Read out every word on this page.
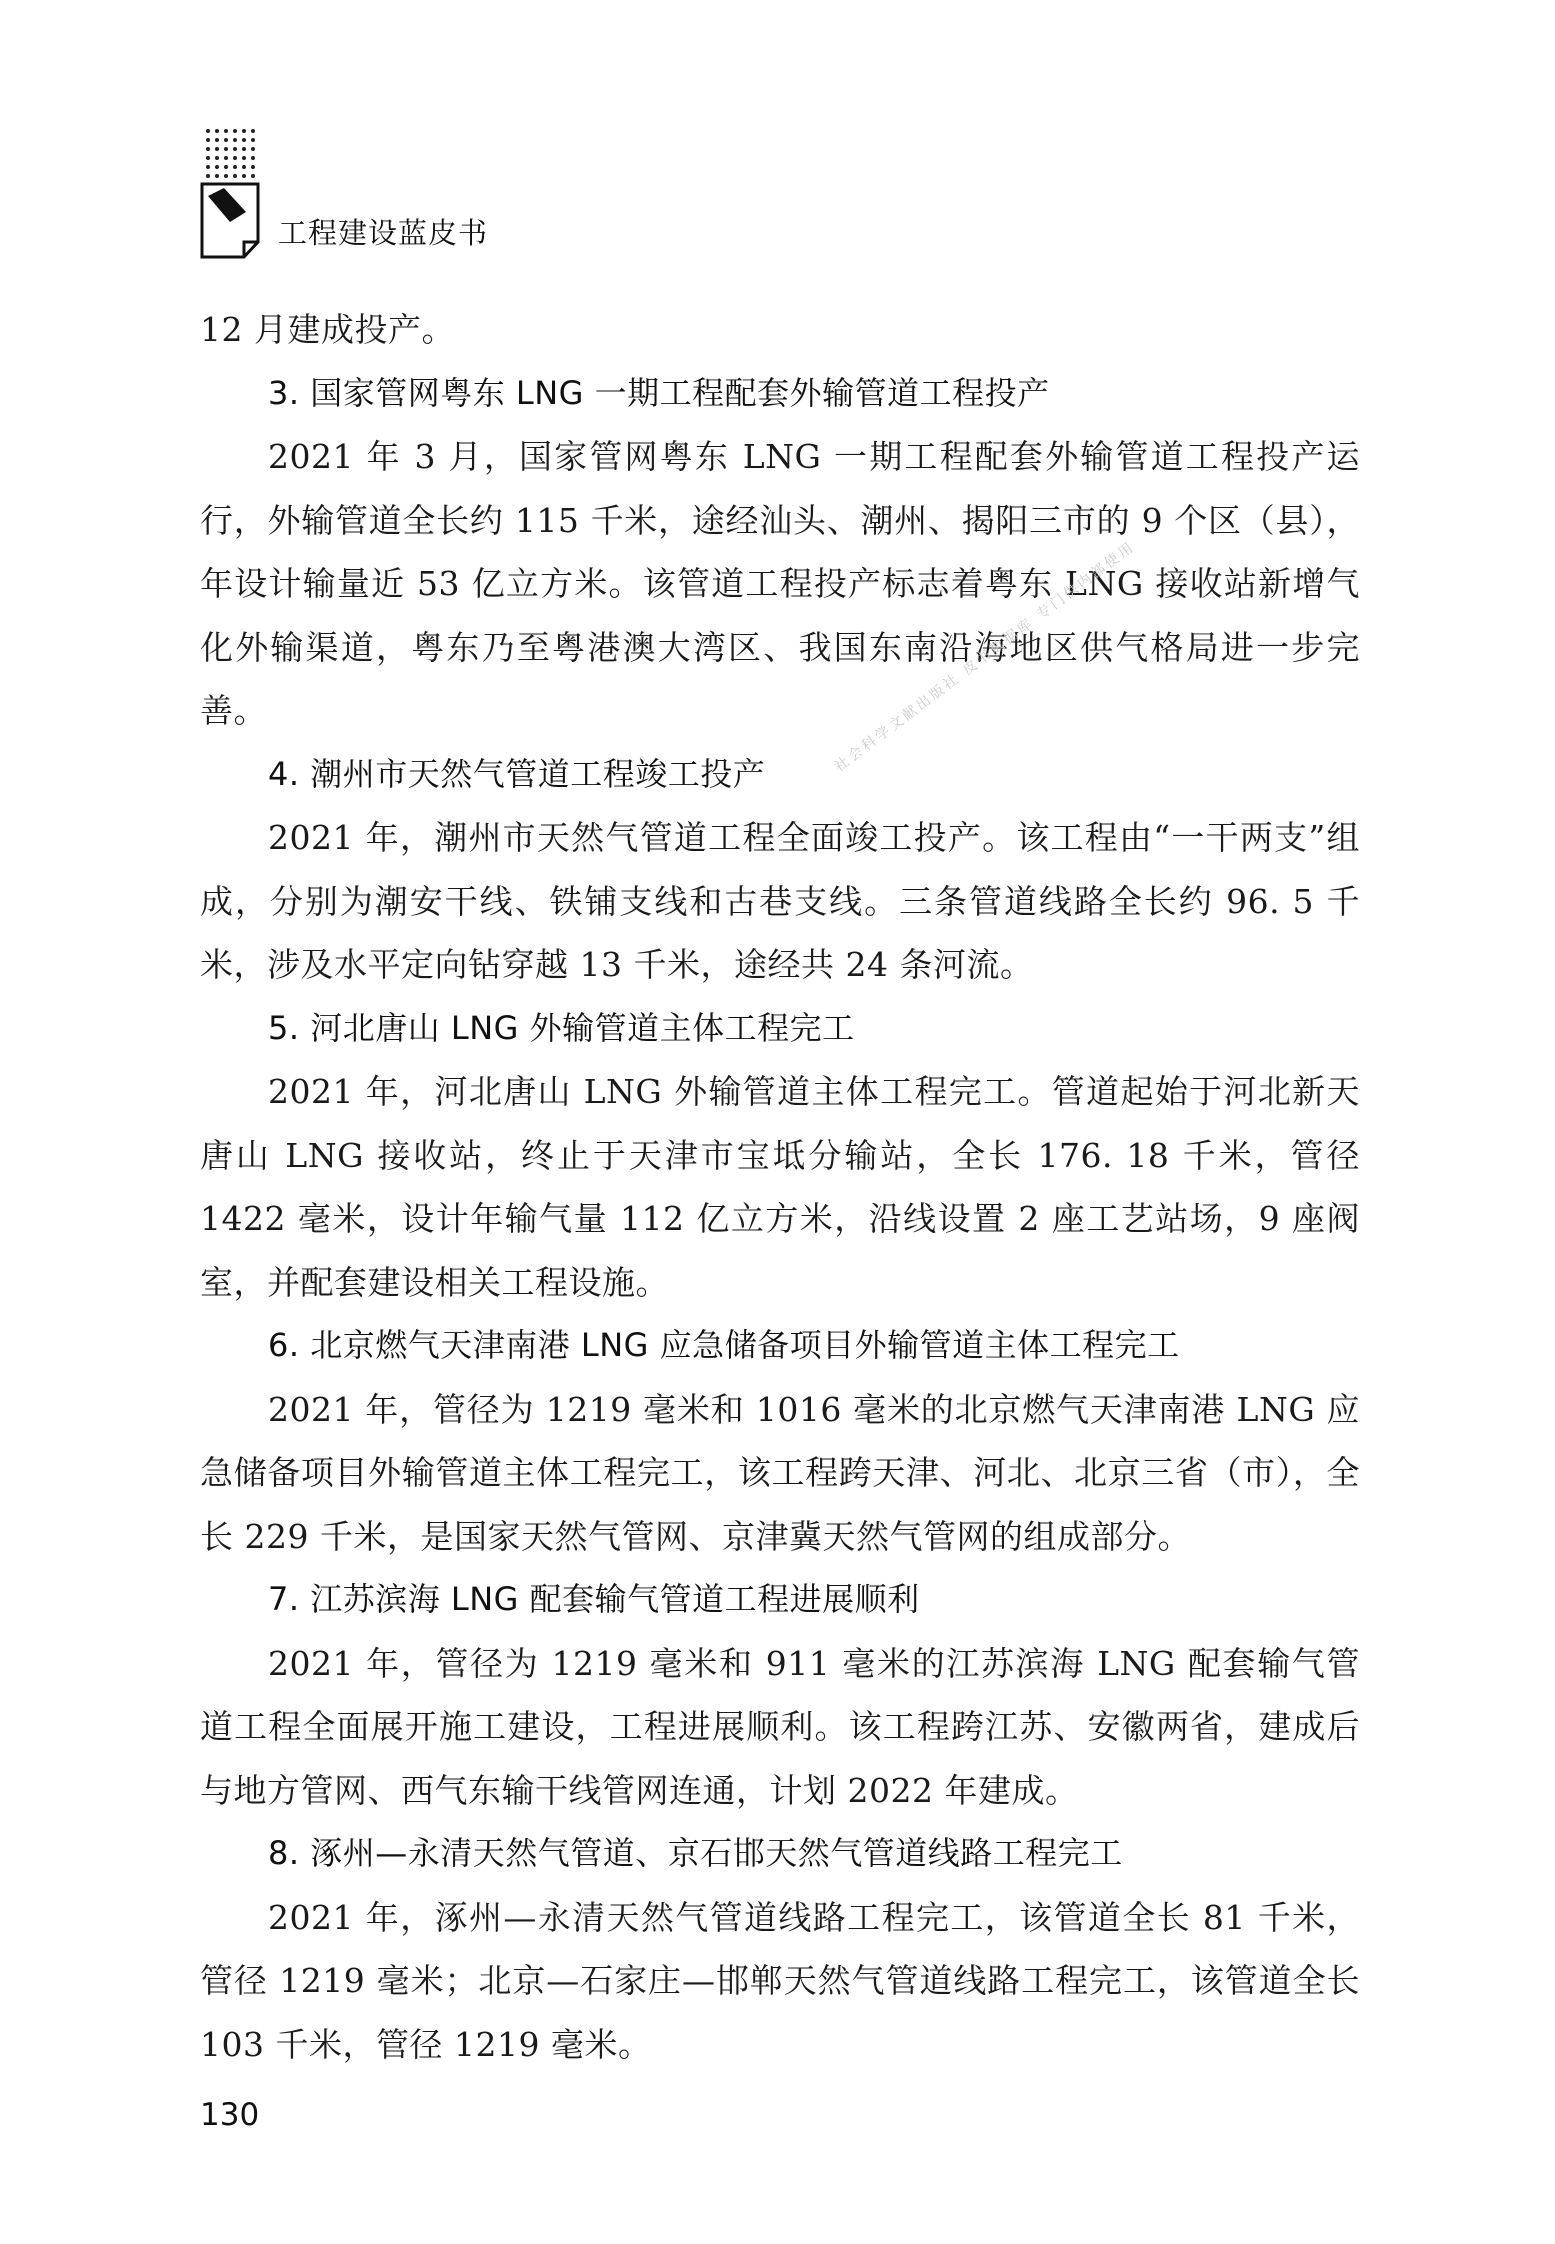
工程建设蓝皮书

12 月建成投产。

3. 国家管网粤东 LNG 一期工程配套外输管道工程投产

2021 年 3 月，国家管网粤东 LNG 一期工程配套外输管道工程投产运行，外输管道全长约 115 千米，途经汕头、潮州、揭阳三市的 9 个区（县），年设计输量近 53 亿立方米。该管道工程投产标志着粤东 LNG 接收站新增气化外输渠道，粤东乃至粤港澳大湾区、我国东南沿海地区供气格局进一步完善。

4. 潮州市天然气管道工程竣工投产

2021 年，潮州市天然气管道工程全面竣工投产。该工程由“一干两支”组成，分别为潮安干线、铁铺支线和古巷支线。三条管道线路全长约 96. 5 千米，涉及水平定向钻穿越 13 千米，途经共 24 条河流。

5. 河北唐山 LNG 外输管道主体工程完工

2021 年，河北唐山 LNG 外输管道主体工程完工。管道起始于河北新天唐山 LNG 接收站，终止于天津市宝坻分输站，全长 176. 18 千米，管径 1422 毫米，设计年输气量 112 亿立方米，沿线设置 2 座工艺站场，9 座阀室，并配套建设相关工程设施。

6. 北京燃气天津南港 LNG 应急储备项目外输管道主体工程完工

2021 年，管径为 1219 毫米和 1016 毫米的北京燃气天津南港 LNG 应急储备项目外输管道主体工程完工，该工程跨天津、河北、北京三省（市），全长 229 千米，是国家天然气管网、京津冀天然气管网的组成部分。

7. 江苏滨海 LNG 配套输气管道工程进展顺利

2021 年，管径为 1219 毫米和 911 毫米的江苏滨海 LNG 配套输气管道工程全面展开施工建设，工程进展顺利。该工程跨江苏、安徽两省，建成后与地方管网、西气东输干线管网连通，计划 2022 年建成。

8. 涿州—永清天然气管道、京石邯天然气管道线路工程完工

2021 年，涿州—永清天然气管道线路工程完工，该管道全长 81 千米，管径 1219 毫米；北京—石家庄—邯郸天然气管道线路工程完工，该管道全长 103 千米，管径 1219 毫米。

社会科学文献出版社 皮书数据库 专门供内部使用
130
